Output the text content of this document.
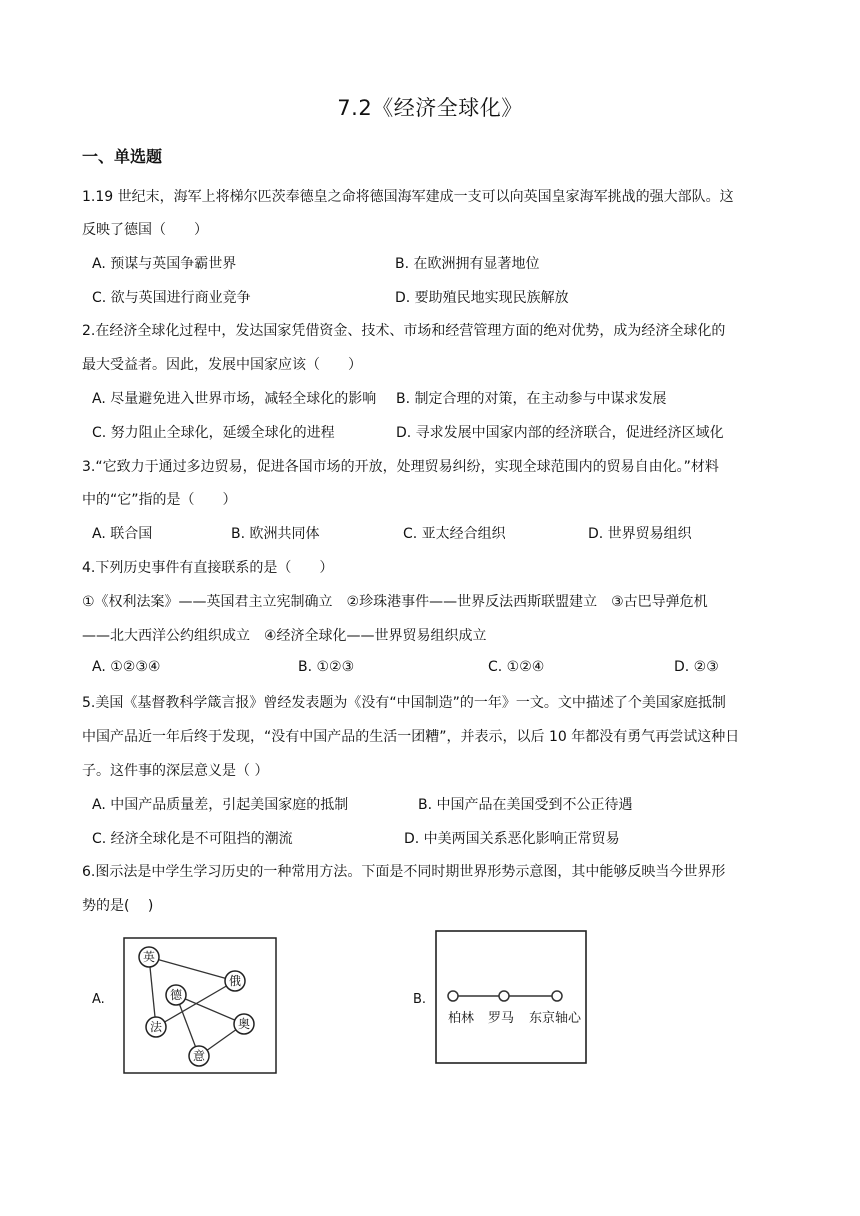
7.2《经济全球化》
一、单选题
1.19 世纪末，海军上将梯尔匹茨奉德皇之命将德国海军建成一支可以向英国皇家海军挑战的强大部队。这
反映了德国（　　）
A. 预谋与英国争霸世界	B. 在欧洲拥有显著地位
C. 欲与英国进行商业竞争	D. 要助殖民地实现民族解放
2.在经济全球化过程中，发达国家凭借资金、技术、市场和经营管理方面的绝对优势，成为经济全球化的
最大受益者。因此，发展中国家应该（　　）
A. 尽量避免进入世界市场，减轻全球化的影响 B. 制定合理的对策，在主动参与中谋求发展
C. 努力阻止全球化，延缓全球化的进程	D. 寻求发展中国家内部的经济联合，促进经济区域化
3.“它致力于通过多边贸易，促进各国市场的开放，处理贸易纠纷，实现全球范围内的贸易自由化。”材料
中的“它”指的是（　　）
A. 联合国	B. 欧洲共同体	C. 亚太经合组织	D. 世界贸易组织
4.下列历史事件有直接联系的是（　　）
①《权利法案》——英国君主立宪制确立　②珍珠港事件——世界反法西斯联盟建立　③古巴导弹危机
——北大西洋公约组织成立　④经济全球化——世界贸易组织成立
A. ①②③④	B. ①②③	C. ①②④	D. ②③
5.美国《基督教科学箴言报》曾经发表题为《没有“中国制造”的一年》一文。文中描述了个美国家庭抵制
中国产品近一年后终于发现，“没有中国产品的生活一团糟”，并表示，以后 10 年都没有勇气再尝试这种日
子。这件事的深层意义是（ ）
A. 中国产品质量差，引起美国家庭的抵制	B. 中国产品在美国受到不公正待遇
C. 经济全球化是不可阻挡的潮流	D. 中美两国关系恶化影响正常贸易
6.图示法是中学生学习历史的一种常用方法。下面是不同时期世界形势示意图，其中能够反映当今世界形
势的是(　 )
A.
英
俄
德
奥
法
意
B.
柏林 罗马 东京轴心
